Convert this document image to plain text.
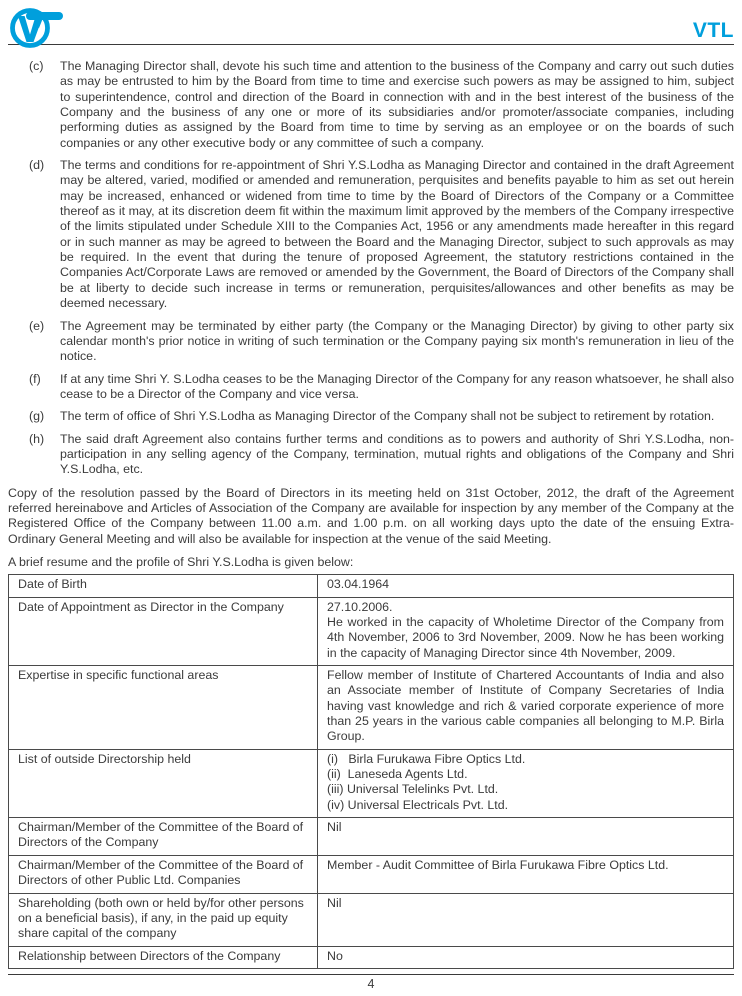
VTL
(c)	The Managing Director shall, devote his such time and attention to the business of the Company and carry out such duties as may be entrusted to him by the Board from time to time and exercise such powers as may be assigned to him, subject to superintendence, control and direction of the Board in connection with and in the best interest of the business of the Company and the business of any one or more of its subsidiaries and/or promoter/associate companies, including performing duties as assigned by the Board from time to time by serving as an employee or on the boards of such companies or any other executive body or any committee of such a company.
(d)	The terms and conditions for re-appointment of Shri Y.S.Lodha as Managing Director and contained in the draft Agreement may be altered, varied, modified or amended and remuneration, perquisites and benefits payable to him as set out herein may be increased, enhanced or widened from time to time by the Board of Directors of the Company or a Committee thereof as it may, at its discretion deem fit within the maximum limit approved by the members of the Company irrespective of the limits stipulated under Schedule XIII to the Companies Act, 1956 or any amendments made hereafter in this regard or in such manner as may be agreed to between the Board and the Managing Director, subject to such approvals as may be required. In the event that during the tenure of proposed Agreement, the statutory restrictions contained in the Companies Act/Corporate Laws are removed or amended by the Government, the Board of Directors of the Company shall be at liberty to decide such increase in terms or remuneration, perquisites/allowances and other benefits as may be deemed necessary.
(e)	The Agreement may be terminated by either party (the Company or the Managing Director) by giving to other party six calendar month's prior notice in writing of such termination or the Company paying six month's remuneration in lieu of the notice.
(f)	If at any time Shri Y. S.Lodha ceases to be the Managing Director of the Company for any reason whatsoever, he shall also cease to be a Director of the Company and vice versa.
(g)	The term of office of Shri Y.S.Lodha as Managing Director of the Company shall not be subject to retirement by rotation.
(h)	The said draft Agreement also contains further terms and conditions as to powers and authority of Shri Y.S.Lodha, non-participation in any selling agency of the Company, termination, mutual rights and obligations of the Company and Shri Y.S.Lodha, etc.
Copy of the resolution passed by the Board of Directors in its meeting held on 31st October, 2012, the draft of the Agreement referred hereinabove and Articles of Association of the Company are available for inspection by any member of the Company at the Registered Office of the Company between 11.00 a.m. and 1.00 p.m. on all working days upto the date of the ensuing Extra-Ordinary General Meeting and will also be available for inspection at the venue of the said Meeting.
A brief resume and the profile of Shri Y.S.Lodha is given below:
Date of Birth	03.04.1964

Date of Appointment as Director in the Company	27.10.2006.
He worked in the capacity of Wholetime Director of the Company from 4th November, 2006 to 3rd November, 2009. Now he has been working in the capacity of Managing Director since 4th November, 2009.

Expertise in specific functional areas	Fellow member of Institute of Chartered Accountants of India and also an Associate member of Institute of Company Secretaries of India having vast knowledge and rich & varied corporate experience of more than 25 years in the various cable companies all belonging to M.P. Birla Group.

List of outside Directorship held	(i)   Birla Furukawa Fibre Optics Ltd.
(ii)  Laneseda Agents Ltd.
(iii) Universal Telelinks Pvt. Ltd.
(iv) Universal Electricals Pvt. Ltd.

Chairman/Member of the Committee of the Board of Directors of the Company	Nil

Chairman/Member of the Committee of the Board of Directors of other Public Ltd. Companies	Member - Audit Committee of Birla Furukawa Fibre Optics Ltd.

Shareholding (both own or held by/for other persons on a beneficial basis), if any, in the paid up equity share capital of the company	Nil

Relationship between Directors of the Company	No
4
